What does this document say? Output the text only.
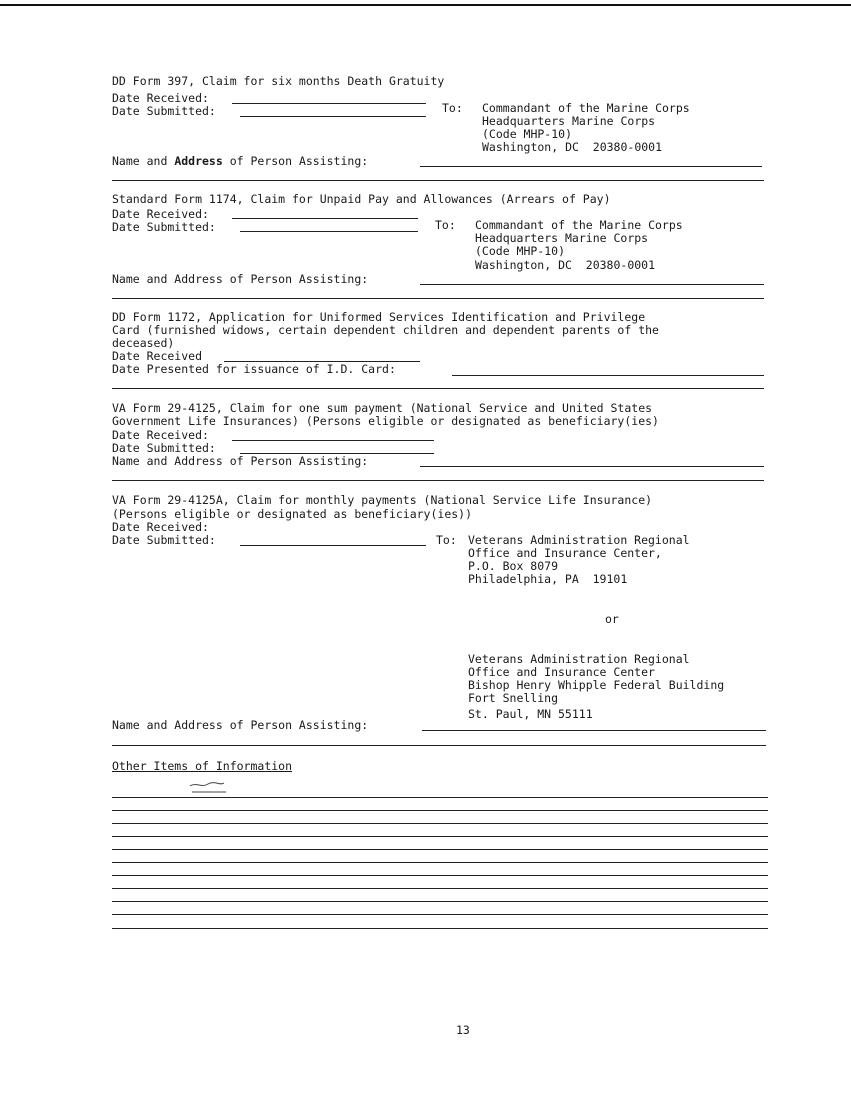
DD Form 397, Claim for six months Death Gratuity
Date Received:
Date Submitted:	To: Commandant of the Marine Corps
Headquarters Marine Corps
(Code MHP-10)
Washington, DC  20380-0001
Name and Address of Person Assisting:
Standard Form 1174, Claim for Unpaid Pay and Allowances (Arrears of Pay)
Date Received:
Date Submitted:	To: Commandant of the Marine Corps
Headquarters Marine Corps
(Code MHP-10)
Washington, DC  20380-0001
Name and Address of Person Assisting:
DD Form 1172, Application for Uniformed Services Identification and Privilege
Card (furnished widows, certain dependent children and dependent parents of the
deceased)
Date Received
Date Presented for issuance of I.D. Card:
VA Form 29-4125, Claim for one sum payment (National Service and United States
Government Life Insurances) (Persons eligible or designated as beneficiary(ies)
Date Received:
Date Submitted:
Name and Address of Person Assisting:
VA Form 29-4125A, Claim for monthly payments (National Service Life Insurance)
(Persons eligible or designated as beneficiary(ies))
Date Received:
Date Submitted:	To: Veterans Administration Regional
Office and Insurance Center,
P.O. Box 8079
Philadelphia, PA  19101
or
Veterans Administration Regional
Office and Insurance Center
Bishop Henry Whipple Federal Building
Fort Snelling
St. Paul, MN 55111
Name and Address of Person Assisting:
Other Items of Information
13
